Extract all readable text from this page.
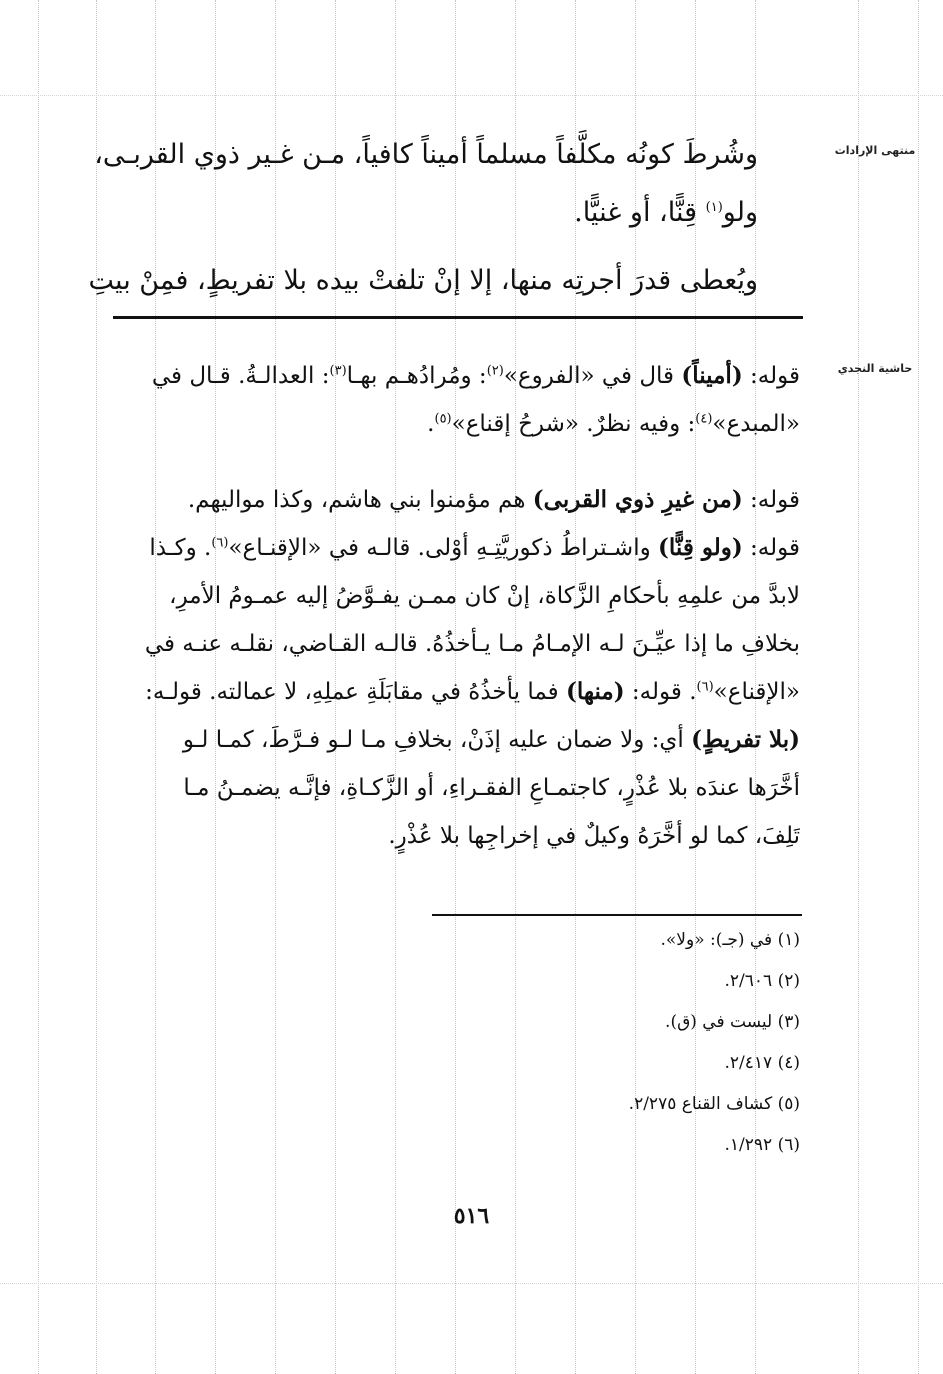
منتهى الإرادات
حاشية النجدي

وشُرطَ كونُه مكلَّفاً مسلماً أميناً كافياً، مـن غـير ذوي القربـى،

ولو$^{(١)}$ قِنًّا، أو غنيًّا.

ويُعطى قدرَ أجرتِه منها، إلا إنْ تلفتْ بيده بلا تفريطٍ، فمِنْ بيتِ

قوله: (أميناً) قال في «الفروع»$^{(٢)}$: ومُرادُهـم بهـا$^{(٣)}$: العدالـةُ. قـال في

«المبدع»$^{(٤)}$: وفيه نظرٌ. «شرحُ إقناع»$^{(٥)}$.

قوله: (من غيرِ ذوي القربى) هم مؤمنوا بني هاشم، وكذا مواليهم.

قوله: (ولو قِنًّا) واشـتراطُ ذكوريَّتِـهِ أوْلى. قالـه في «الإقنـاع»$^{(٦)}$. وكـذا

لابدَّ من علمِهِ بأحكامِ الزَّكاة، إنْ كان ممـن يفـوَّضُ إليه عمـومُ الأمرِ،

بخلافِ ما إذا عيِّـنَ لـه الإمـامُ مـا يـأخذُهُ. قالـه القـاضي، نقلـه عنـه في

«الإقناع»$^{(٦)}$. قوله: (منها) فما يأخذُهُ في مقابَلَةِ عملِهِ، لا عمالته. قولـه:

(بلا تفريطٍ) أي: ولا ضمان عليه إذَنْ، بخلافِ مـا لـو فـرَّطَ، كمـا لـو

أخَّرَها عندَه بلا عُذْرٍ، كاجتمـاعِ الفقـراءِ، أو الزَّكـاةِ، فإنَّـه يضمـنُ مـا

تَلِفَ، كما لو أخَّرَهُ وكيلٌ في إخراجِها بلا عُذْرٍ.

(١) في (جـ): «ولا».

(٢) ٢/٦٠٦.

(٣) ليست في (ق).

(٤) ٢/٤١٧.

(٥) كشاف القناع ٢/٢٧٥.

(٦) ١/٢٩٢.

٥١٦
